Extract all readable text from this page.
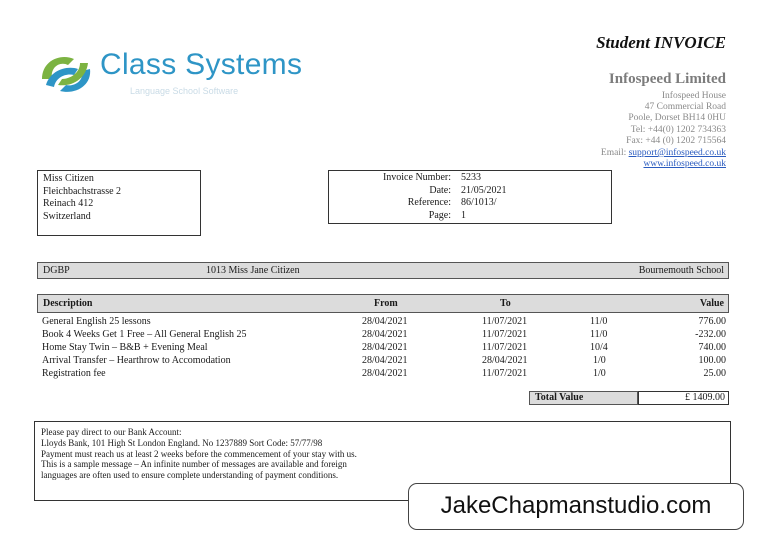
Class Systems
Language School Software
Student INVOICE
Infospeed Limited
Infospeed House
47 Commercial Road
Poole, Dorset BH14 0HU
Tel: +44(0) 1202 734363
Fax: +44 (0) 1202 715564
Email: support@infospeed.co.uk
www.infospeed.co.uk
Miss Citizen
Fleichbachstrasse 2
Reinach 412
Switzerland
Invoice Number: 5233
Date: 21/05/2021
Reference: 86/1013/
Page: 1
DGBP	1013 Miss Jane Citizen	Bournemouth School
Description	From	To	Value
General English 25 lessons	28/04/2021	11/07/2021	11/0	776.00
Book 4 Weeks Get 1 Free – All General English 25	28/04/2021	11/07/2021	11/0	-232.00
Home Stay Twin – B&B + Evening Meal	28/04/2021	11/07/2021	10/4	740.00
Arrival Transfer – Hearthrow to Accomodation	28/04/2021	28/04/2021	1/0	100.00
Registration fee	28/04/2021	11/07/2021	1/0	25.00
Total Value	£ 1409.00
Please pay direct to our Bank Account:
Lloyds Bank, 101 High St London England. No 1237889 Sort Code: 57/77/98
Payment must reach us at least 2 weeks before the commencement of your stay with us.
This is a sample message – An infinite number of messages are available and foreign
languages are often used to ensure complete understanding of payment conditions.
JakeChapmanstudio.com
